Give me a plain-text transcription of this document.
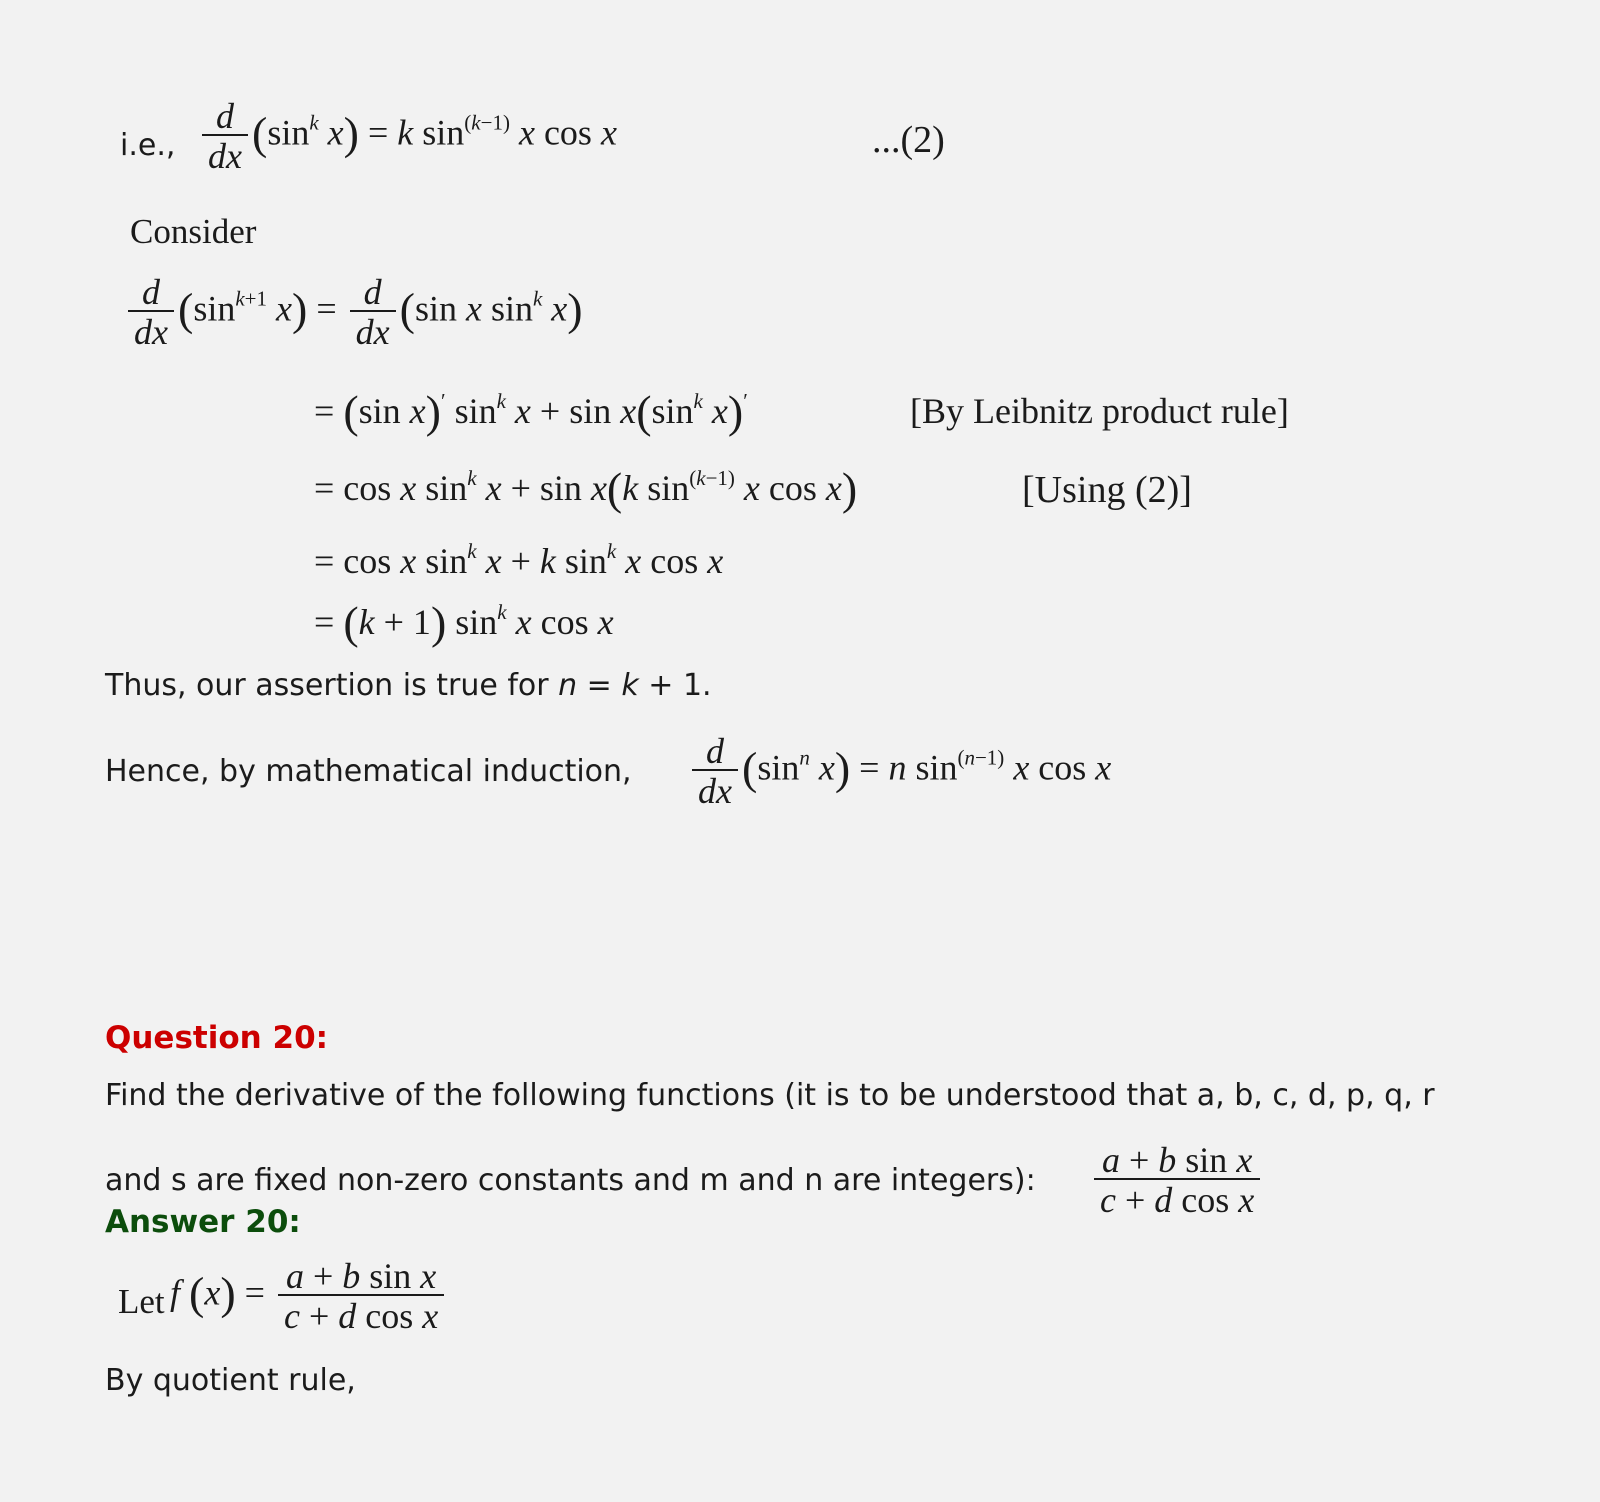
i.e., $\frac{d}{dx} (\sin^k$ x) = k $\sin^{(k-1)} x$ cos x	...(2)
Consider
$\frac{d}{dx} (\sin^{k+1}$ $x) = \frac{d}{dx} (\sin$ x $\sin^k x$)
= (sin x)′ $\sin^k x + \sin x(\sin^k$ x)′	[By Leibnitz product rule]
= cos x $\sin^k x + \sin x(k$ $\sin^{(k-1)} x$ cos x)	[Using (2)]
= cos x $\sin^k x + k$ $\sin^k x$ cos x
= (k + 1) $\sin^k x$ cos x
Thus, our assertion is true for n = k + 1.
Hence, by mathematical induction, $\frac{d}{dx} (\sin^n$ x) = n $\sin^{(n-1)} x$ cos x
Question 20:
Find the derivative of the following functions (it is to be understood that a, b, c, d, p, q, r
and s are fixed non-zero constants and m and n are integers): $\frac{\text{a + b sin x}}{\text{c + d cos x}}$
Answer 20:
Let f $(x) = \frac{\text{a + b sin x}}{\text{c + d cos x}}$
By quotient rule,
